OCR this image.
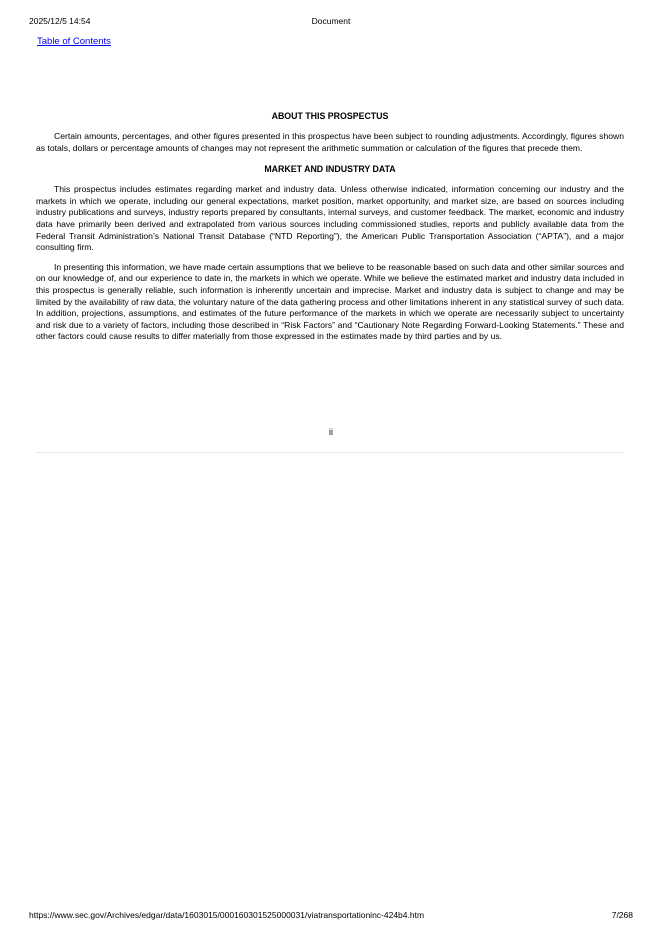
2025/12/5 14:54	Document
Table of Contents
ABOUT THIS PROSPECTUS

Certain amounts, percentages, and other figures presented in this prospectus have been subject to rounding adjustments. Accordingly, figures shown as totals, dollars or percentage amounts of changes may not represent the arithmetic summation or calculation of the figures that precede them.

MARKET AND INDUSTRY DATA

This prospectus includes estimates regarding market and industry data. Unless otherwise indicated, information concerning our industry and the markets in which we operate, including our general expectations, market position, market opportunity, and market size, are based on sources including industry publications and surveys, industry reports prepared by consultants, internal surveys, and customer feedback. The market, economic and industry data have primarily been derived and extrapolated from various sources including commissioned studies, reports and publicly available data from the Federal Transit Administration’s National Transit Database (“NTD Reporting”), the American Public Transportation Association (“APTA”), and a major consulting firm.

In presenting this information, we have made certain assumptions that we believe to be reasonable based on such data and other similar sources and on our knowledge of, and our experience to date in, the markets in which we operate. While we believe the estimated market and industry data included in this prospectus is generally reliable, such information is inherently uncertain and imprecise. Market and industry data is subject to change and may be limited by the availability of raw data, the voluntary nature of the data gathering process and other limitations inherent in any statistical survey of such data. In addition, projections, assumptions, and estimates of the future performance of the markets in which we operate are necessarily subject to uncertainty and risk due to a variety of factors, including those described in “Risk Factors” and “Cautionary Note Regarding Forward-Looking Statements.” These and other factors could cause results to differ materially from those expressed in the estimates made by third parties and by us.

ii
https://www.sec.gov/Archives/edgar/data/1603015/000160301525000031/viatransportationinc-424b4.htm	7/268
